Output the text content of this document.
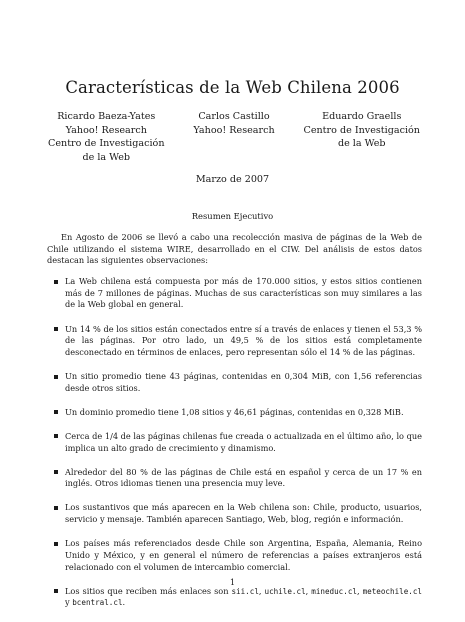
Características de la Web Chilena 2006
Ricardo Baeza-Yates
Yahoo! Research
Centro de Investigación
de la Web
Carlos Castillo
Yahoo! Research
Eduardo Graells
Centro de Investigación
de la Web
Marzo de 2007
Resumen Ejecutivo

En Agosto de 2006 se llevó a cabo una recolección masiva de páginas de la Web de Chile utilizando el sistema WIRE, desarrollado en el CIW. Del análisis de estos datos destacan las siguientes observaciones:

La Web chilena está compuesta por más de 170.000 sitios, y estos sitios contienen más de 7 millones de páginas. Muchas de sus características son muy similares a las de la Web global en general.
Un 14 % de los sitios están conectados entre sí a través de enlaces y tienen el 53,3 % de las páginas. Por otro lado, un 49,5 % de los sitios está completamente desconectado en términos de enlaces, pero representan sólo el 14 % de las páginas.
Un sitio promedio tiene 43 páginas, contenidas en 0,304 MiB, con 1,56 referencias desde otros sitios.
Un dominio promedio tiene 1,08 sitios y 46,61 páginas, contenidas en 0,328 MiB.
Cerca de 1/4 de las páginas chilenas fue creada o actualizada en el último año, lo que implica un alto grado de crecimiento y dinamismo.
Alrededor del 80 % de las páginas de Chile está en español y cerca de un 17 % en inglés. Otros idiomas tienen una presencia muy leve.
Los sustantivos que más aparecen en la Web chilena son: Chile, producto, usuarios, servicio y mensaje. También aparecen Santiago, Web, blog, región e información.
Los países más referenciados desde Chile son Argentina, España, Alemania, Reino Unido y México, y en general el número de referencias a países extranjeros está relacionado con el volumen de intercambio comercial.
Los sitios que reciben más enlaces son sii.cl, uchile.cl, mineduc.cl, meteochile.cl y bcentral.cl.
1
